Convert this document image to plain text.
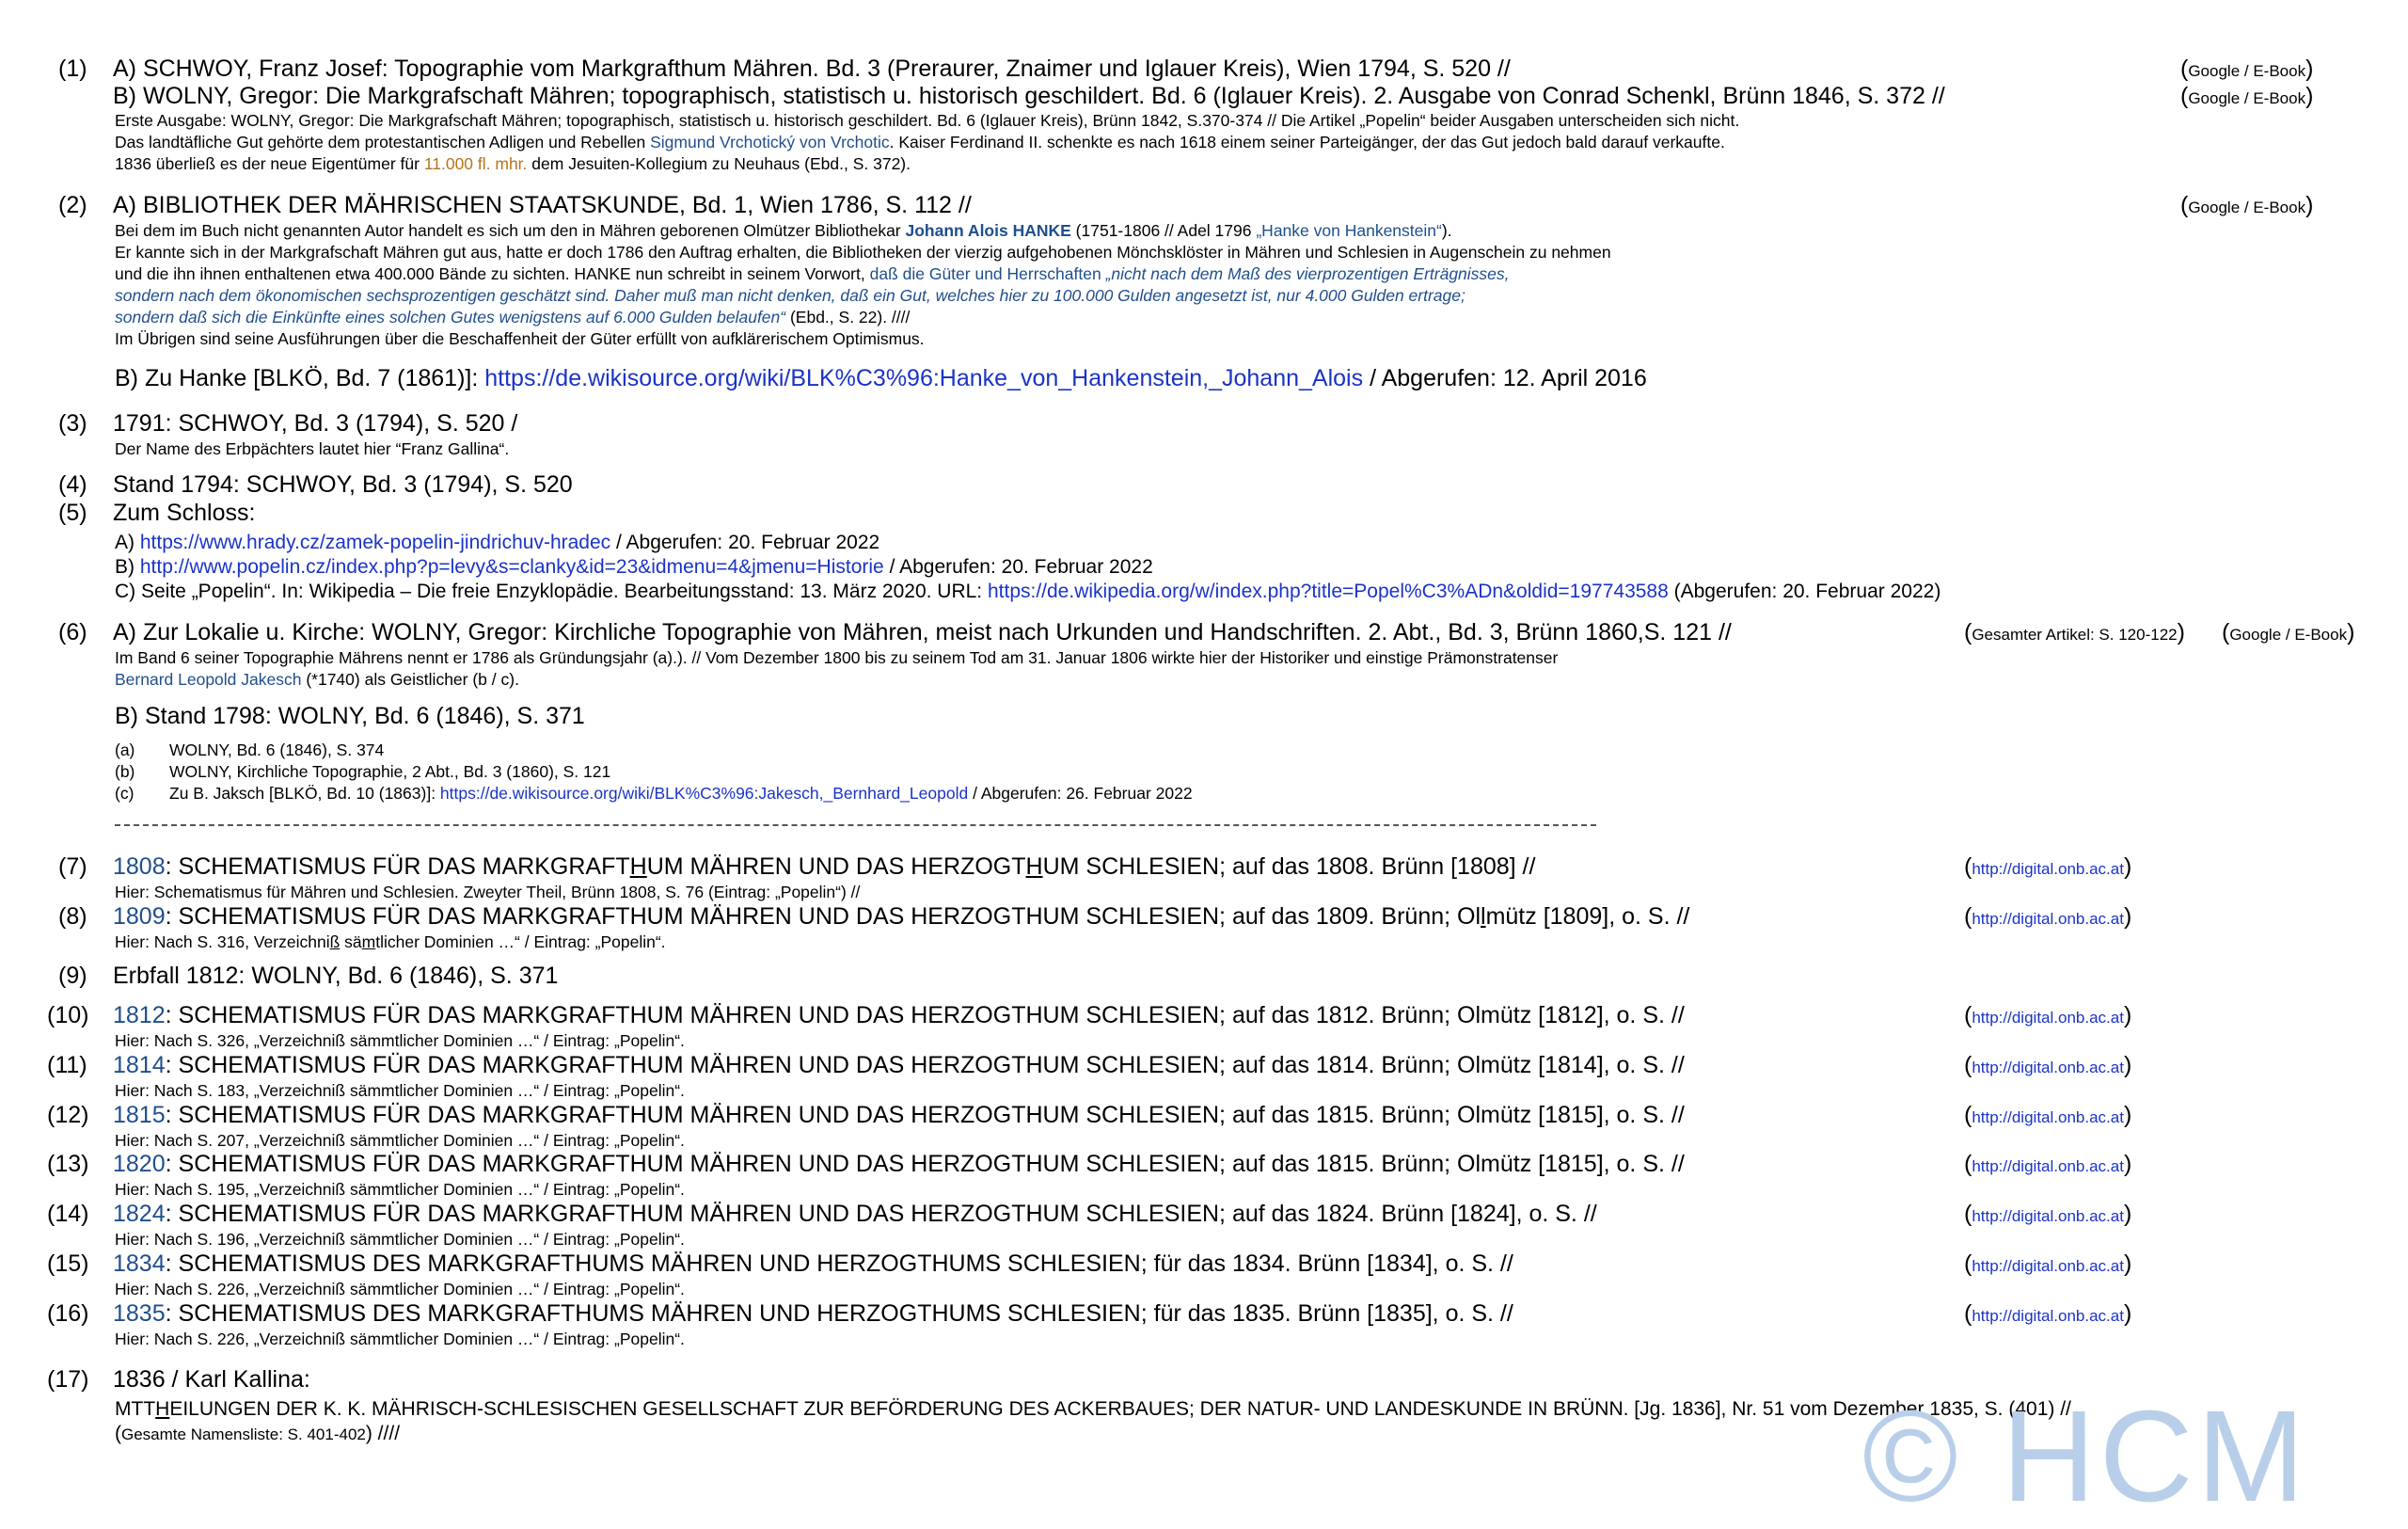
(1) A) SCHWOY, Franz Josef: Topographie vom Markgrafthum Mähren. Bd. 3 (Preraurer, Znaimer und Iglauer Kreis), Wien 1794, S. 520 //
B) WOLNY, Gregor: Die Markgrafschaft Mähren; topographisch, statistisch u. historisch geschildert. Bd. 6 (Iglauer Kreis). 2. Ausgabe von Conrad Schenkl, Brünn 1846, S. 372 //
Erste Ausgabe: WOLNY, Gregor: Die Markgrafschaft Mähren; topographisch, statistisch u. historisch geschildert. Bd. 6 (Iglauer Kreis), Brünn 1842, S.370-374 // Die Artikel „Popelin“ beider Ausgaben unterscheiden sich nicht.
Das landtäfliche Gut gehörte dem protestantischen Adligen und Rebellen Sigmund Vrchotický von Vrchotic. Kaiser Ferdinand II. schenkte es nach 1618 einem seiner Parteigänger, der das Gut jedoch bald darauf verkaufte.
1836 überließ es der neue Eigentümer für 11.000 fl. mhr. dem Jesuiten-Kollegium zu Neuhaus (Ebd., S. 372).
(Google / E-Book)
(Google / E-Book)
(2) A) BIBLIOTHEK DER MÄHRISCHEN STAATSKUNDE, Bd. 1, Wien 1786, S. 112 //
Bei dem im Buch nicht genannten Autor handelt es sich um den in Mähren geborenen Olmützer Bibliothekar Johann Alois HANKE (1751-1806 // Adel 1796 „Hanke von Hankenstein“).
Er kannte sich in der Markgrafschaft Mähren gut aus, hatte er doch 1786 den Auftrag erhalten, die Bibliotheken der vierzig aufgehobenen Mönchsklöster in Mähren und Schlesien in Augenschein zu nehmen
und die ihn ihnen enthaltenen etwa 400.000 Bände zu sichten. HANKE nun schreibt in seinem Vorwort, daß die Güter und Herrschaften „nicht nach dem Maß des vierprozentigen Erträgnisses,
sondern nach dem ökonomischen sechsprozentigen geschätzt sind. Daher muß man nicht denken, daß ein Gut, welches hier zu 100.000 Gulden angesetzt ist, nur 4.000 Gulden ertrage;
sondern daß sich die Einkünfte eines solchen Gutes wenigstens auf 6.000 Gulden belaufen“ (Ebd., S. 22). ////
Im Übrigen sind seine Ausführungen über die Beschaffenheit der Güter erfüllt von aufklärerischem Optimismus.
B) Zu Hanke [BLKÖ, Bd. 7 (1861)]: https://de.wikisource.org/wiki/BLK%C3%96:Hanke_von_Hankenstein,_Johann_Alois / Abgerufen: 12. April 2016
(Google / E-Book)
(3) 1791: SCHWOY, Bd. 3 (1794), S. 520 /
Der Name des Erbpächters lautet hier “Franz Gallina“.
(4) Stand 1794: SCHWOY, Bd. 3 (1794), S. 520
(5) Zum Schloss:
A) https://www.hrady.cz/zamek-popelin-jindrichuv-hradec / Abgerufen: 20. Februar 2022
B) http://www.popelin.cz/index.php?p=levy&s=clanky&id=23&idmenu=4&jmenu=Historie / Abgerufen: 20. Februar 2022
C) Seite „Popelin“. In: Wikipedia – Die freie Enzyklopädie. Bearbeitungsstand: 13. März 2020. URL: https://de.wikipedia.org/w/index.php?title=Popel%C3%ADn&oldid=197743588 (Abgerufen: 20. Februar 2022)
(6) A) Zur Lokalie u. Kirche: WOLNY, Gregor: Kirchliche Topographie von Mähren, meist nach Urkunden und Handschriften. 2. Abt., Bd. 3, Brünn 1860,S. 121 //
Im Band 6 seiner Topographie Mährens nennt er 1786 als Gründungsjahr (a).). // Vom Dezember 1800 bis zu seinem Tod am 31. Januar 1806 wirkte hier der Historiker und einstige Prämonstratenser
Bernard Leopold Jakesch (*1740) als Geistlicher (b / c).
B) Stand 1798: WOLNY, Bd. 6 (1846), S. 371
(a) WOLNY, Bd. 6 (1846), S. 374
(b) WOLNY, Kirchliche Topographie, 2 Abt., Bd. 3 (1860), S. 121
(c) Zu B. Jaksch [BLKÖ, Bd. 10 (1863)]: https://de.wikisource.org/wiki/BLK%C3%96:Jakesch,_Bernhard_Leopold / Abgerufen: 26. Februar 2022
(Gesamter Artikel: S. 120-122) (Google / E-Book)
(7) 1808: SCHEMATISMUS FÜR DAS MARKGRAFTHUM MÄHREN UND DAS HERZOGTHUM SCHLESIEN; auf das 1808. Brünn [1808] //
Hier: Schematismus für Mähren und Schlesien. Zweyter Theil, Brünn 1808, S. 76 (Eintrag: „Popelin“) //
(http://digital.onb.ac.at)
(8) 1809: SCHEMATISMUS FÜR DAS MARKGRAFTHUM MÄHREN UND DAS HERZOGTHUM SCHLESIEN; auf das 1809. Brünn; Ollmütz [1809], o. S. //
Hier: Nach S. 316, Verzeichniß sämtlicher Dominien …“ / Eintrag: „Popelin“.
(http://digital.onb.ac.at)
(9) Erbfall 1812: WOLNY, Bd. 6 (1846), S. 371
(10) 1812: SCHEMATISMUS FÜR DAS MARKGRAFTHUM MÄHREN UND DAS HERZOGTHUM SCHLESIEN; auf das 1812. Brünn; Olmütz [1812], o. S. //
Hier: Nach S. 326, „Verzeichniß sämmtlicher Dominien …“ / Eintrag: „Popelin“.
(http://digital.onb.ac.at)
(11) 1814: SCHEMATISMUS FÜR DAS MARKGRAFTHUM MÄHREN UND DAS HERZOGTHUM SCHLESIEN; auf das 1814. Brünn; Olmütz [1814], o. S. //
Hier: Nach S. 183, „Verzeichniß sämmtlicher Dominien …“ / Eintrag: „Popelin“.
(http://digital.onb.ac.at)
(12) 1815: SCHEMATISMUS FÜR DAS MARKGRAFTHUM MÄHREN UND DAS HERZOGTHUM SCHLESIEN; auf das 1815. Brünn; Olmütz [1815], o. S. //
Hier: Nach S. 207, „Verzeichniß sämmtlicher Dominien …“ / Eintrag: „Popelin“.
(http://digital.onb.ac.at)
(13) 1820: SCHEMATISMUS FÜR DAS MARKGRAFTHUM MÄHREN UND DAS HERZOGTHUM SCHLESIEN; auf das 1815. Brünn; Olmütz [1815], o. S. //
Hier: Nach S. 195, „Verzeichniß sämmtlicher Dominien …“ / Eintrag: „Popelin“.
(http://digital.onb.ac.at)
(14) 1824: SCHEMATISMUS FÜR DAS MARKGRAFTHUM MÄHREN UND DAS HERZOGTHUM SCHLESIEN; auf das 1824. Brünn [1824], o. S. //
Hier: Nach S. 196, „Verzeichniß sämmtlicher Dominien …“ / Eintrag: „Popelin“.
(http://digital.onb.ac.at)
(15) 1834: SCHEMATISMUS DES MARKGRAFTHUMS MÄHREN UND HERZOGTHUMS SCHLESIEN; für das 1834. Brünn [1834], o. S. //
Hier: Nach S. 226, „Verzeichniß sämmtlicher Dominien …“ / Eintrag: „Popelin“.
(http://digital.onb.ac.at)
(16) 1835: SCHEMATISMUS DES MARKGRAFTHUMS MÄHREN UND HERZOGTHUMS SCHLESIEN; für das 1835. Brünn [1835], o. S. //
Hier: Nach S. 226, „Verzeichniß sämmtlicher Dominien …“ / Eintrag: „Popelin“.
(http://digital.onb.ac.at)
(17) 1836 / Karl Kallina:
MTTHEILUNGEN DER K. K. MÄHRISCH-SCHLESISCHEN GESELLSCHAFT ZUR BEFÖRDERUNG DES ACKERBAUES; DER NATUR- UND LANDESKUNDE IN BRÜNN. [Jg. 1836], Nr. 51 vom Dezember 1835, S. (401) //
(Gesamte Namensliste: S. 401-402) ////	© HCM
